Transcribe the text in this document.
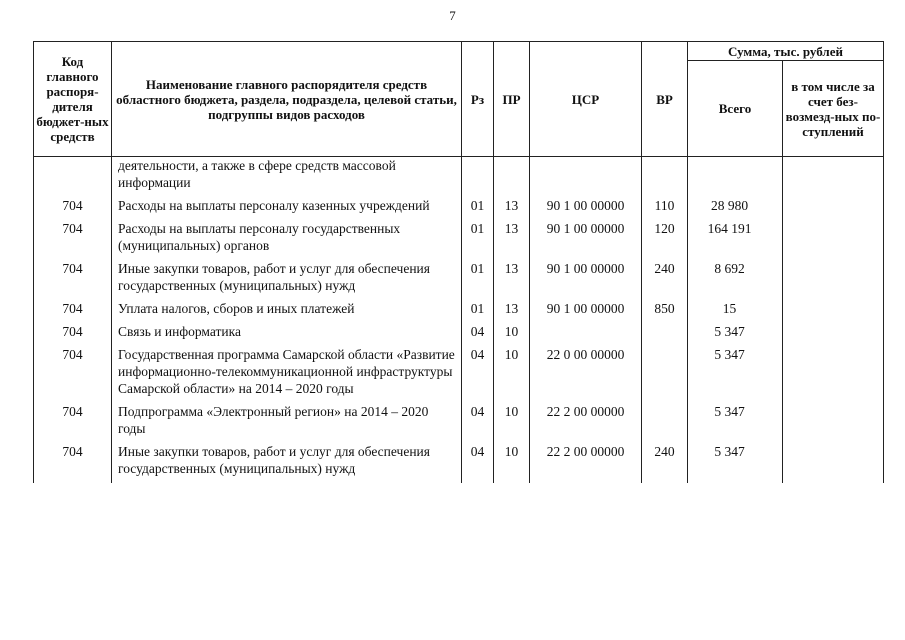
7
Код главного распоря-дителя бюджет-ных средств	Наименование главного распорядителя средств областного бюджета, раздела, подраздела, целевой статьи, подгруппы видов расходов	Рз	ПР	ЦСР	ВР	Сумма, тыс. рублей	
						Всего	в том числе за счет без-возмезд-ных по-ступлений
	деятельности, а также в сфере средств массовой информации						
704	Расходы на выплаты персоналу казенных учреждений	01	13	90 1 00 00000	110	28 980	
704	Расходы на выплаты персоналу государственных (муниципальных) органов	01	13	90 1 00 00000	120	164 191	
704	Иные закупки товаров, работ и услуг для обеспечения государственных (муниципальных) нужд	01	13	90 1 00 00000	240	8 692	
704	Уплата налогов, сборов и иных платежей	01	13	90 1 00 00000	850	15	
704	Связь и информатика	04	10			5 347	
704	Государственная программа Самарской области «Развитие информационно-телекоммуникационной инфраструктуры Самарской области» на 2014 – 2020 годы	04	10	22 0 00 00000		5 347	
704	Подпрограмма «Электронный регион» на 2014 – 2020 годы	04	10	22 2 00 00000		5 347	
704	Иные закупки товаров, работ и услуг для обеспечения государственных (муниципальных) нужд	04	10	22 2 00 00000	240	5 347	
